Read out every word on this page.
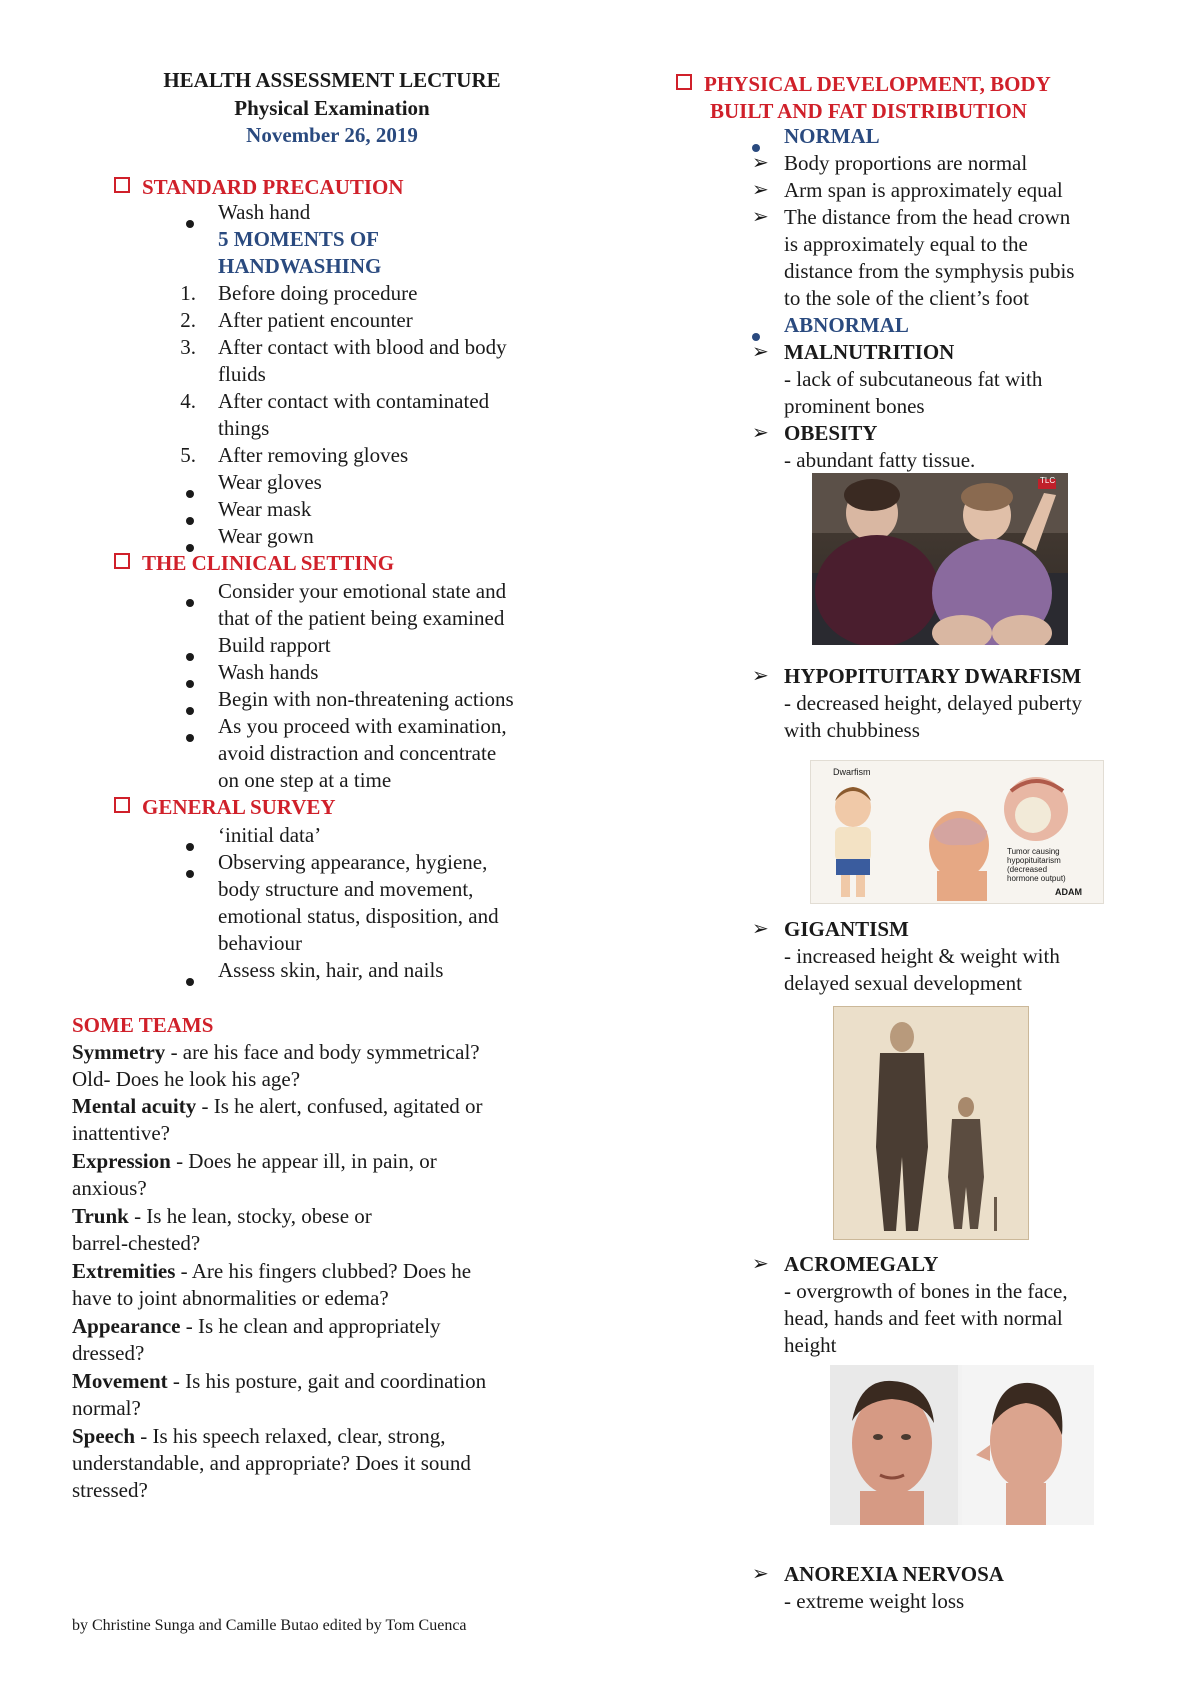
HEALTH ASSESSMENT LECTURE
Physical Examination
November 26, 2019
STANDARD PRECAUTION
Wash hand
5 MOMENTS OF
HANDWASHING
1. Before doing procedure
2. After patient encounter
3. After contact with blood and body
fluids
4. After contact with contaminated
things
5. After removing gloves
Wear gloves
Wear mask
Wear gown
THE CLINICAL SETTING
Consider your emotional state and
that of the patient being examined
Build rapport
Wash hands
Begin with non-threatening actions
As you proceed with examination,
avoid distraction and concentrate
on one step at a time
GENERAL SURVEY
‘initial data’
Observing appearance, hygiene,
body structure and movement,
emotional status, disposition, and
behaviour
Assess skin, hair, and nails
SOME TEAMS
Symmetry - are his face and body symmetrical?
Old- Does he look his age?
Mental acuity - Is he alert, confused, agitated or
inattentive?
Expression - Does he appear ill, in pain, or
anxious?
Trunk - Is he lean, stocky, obese or
barrel-chested?
Extremities - Are his fingers clubbed? Does he
have to joint abnormalities or edema?
Appearance - Is he clean and appropriately
dressed?
Movement - Is his posture, gait and coordination
normal?
Speech - Is his speech relaxed, clear, strong,
understandable, and appropriate? Does it sound
stressed?
by Christine Sunga and Camille Butao edited by Tom Cuenca
PHYSICAL DEVELOPMENT, BODY
BUILT AND FAT DISTRIBUTION
NORMAL
➢ Body proportions are normal
➢ Arm span is approximately equal
➢ The distance from the head crown
is approximately equal to the
distance from the symphysis pubis
to the sole of the client’s foot
ABNORMAL
➢ MALNUTRITION
- lack of subcutaneous fat with
prominent bones
➢ OBESITY
- abundant fatty tissue.
TLC
➢ HYPOPITUITARY DWARFISM
- decreased height, delayed puberty
with chubbiness
Dwarfism
Tumor causing
hypopituitarism
(decreased
hormone output)
ADAM
➢ GIGANTISM
- increased height & weight with
delayed sexual development
➢ ACROMEGALY
- overgrowth of bones in the face,
head, hands and feet with normal
height
➢ ANOREXIA NERVOSA
- extreme weight loss
